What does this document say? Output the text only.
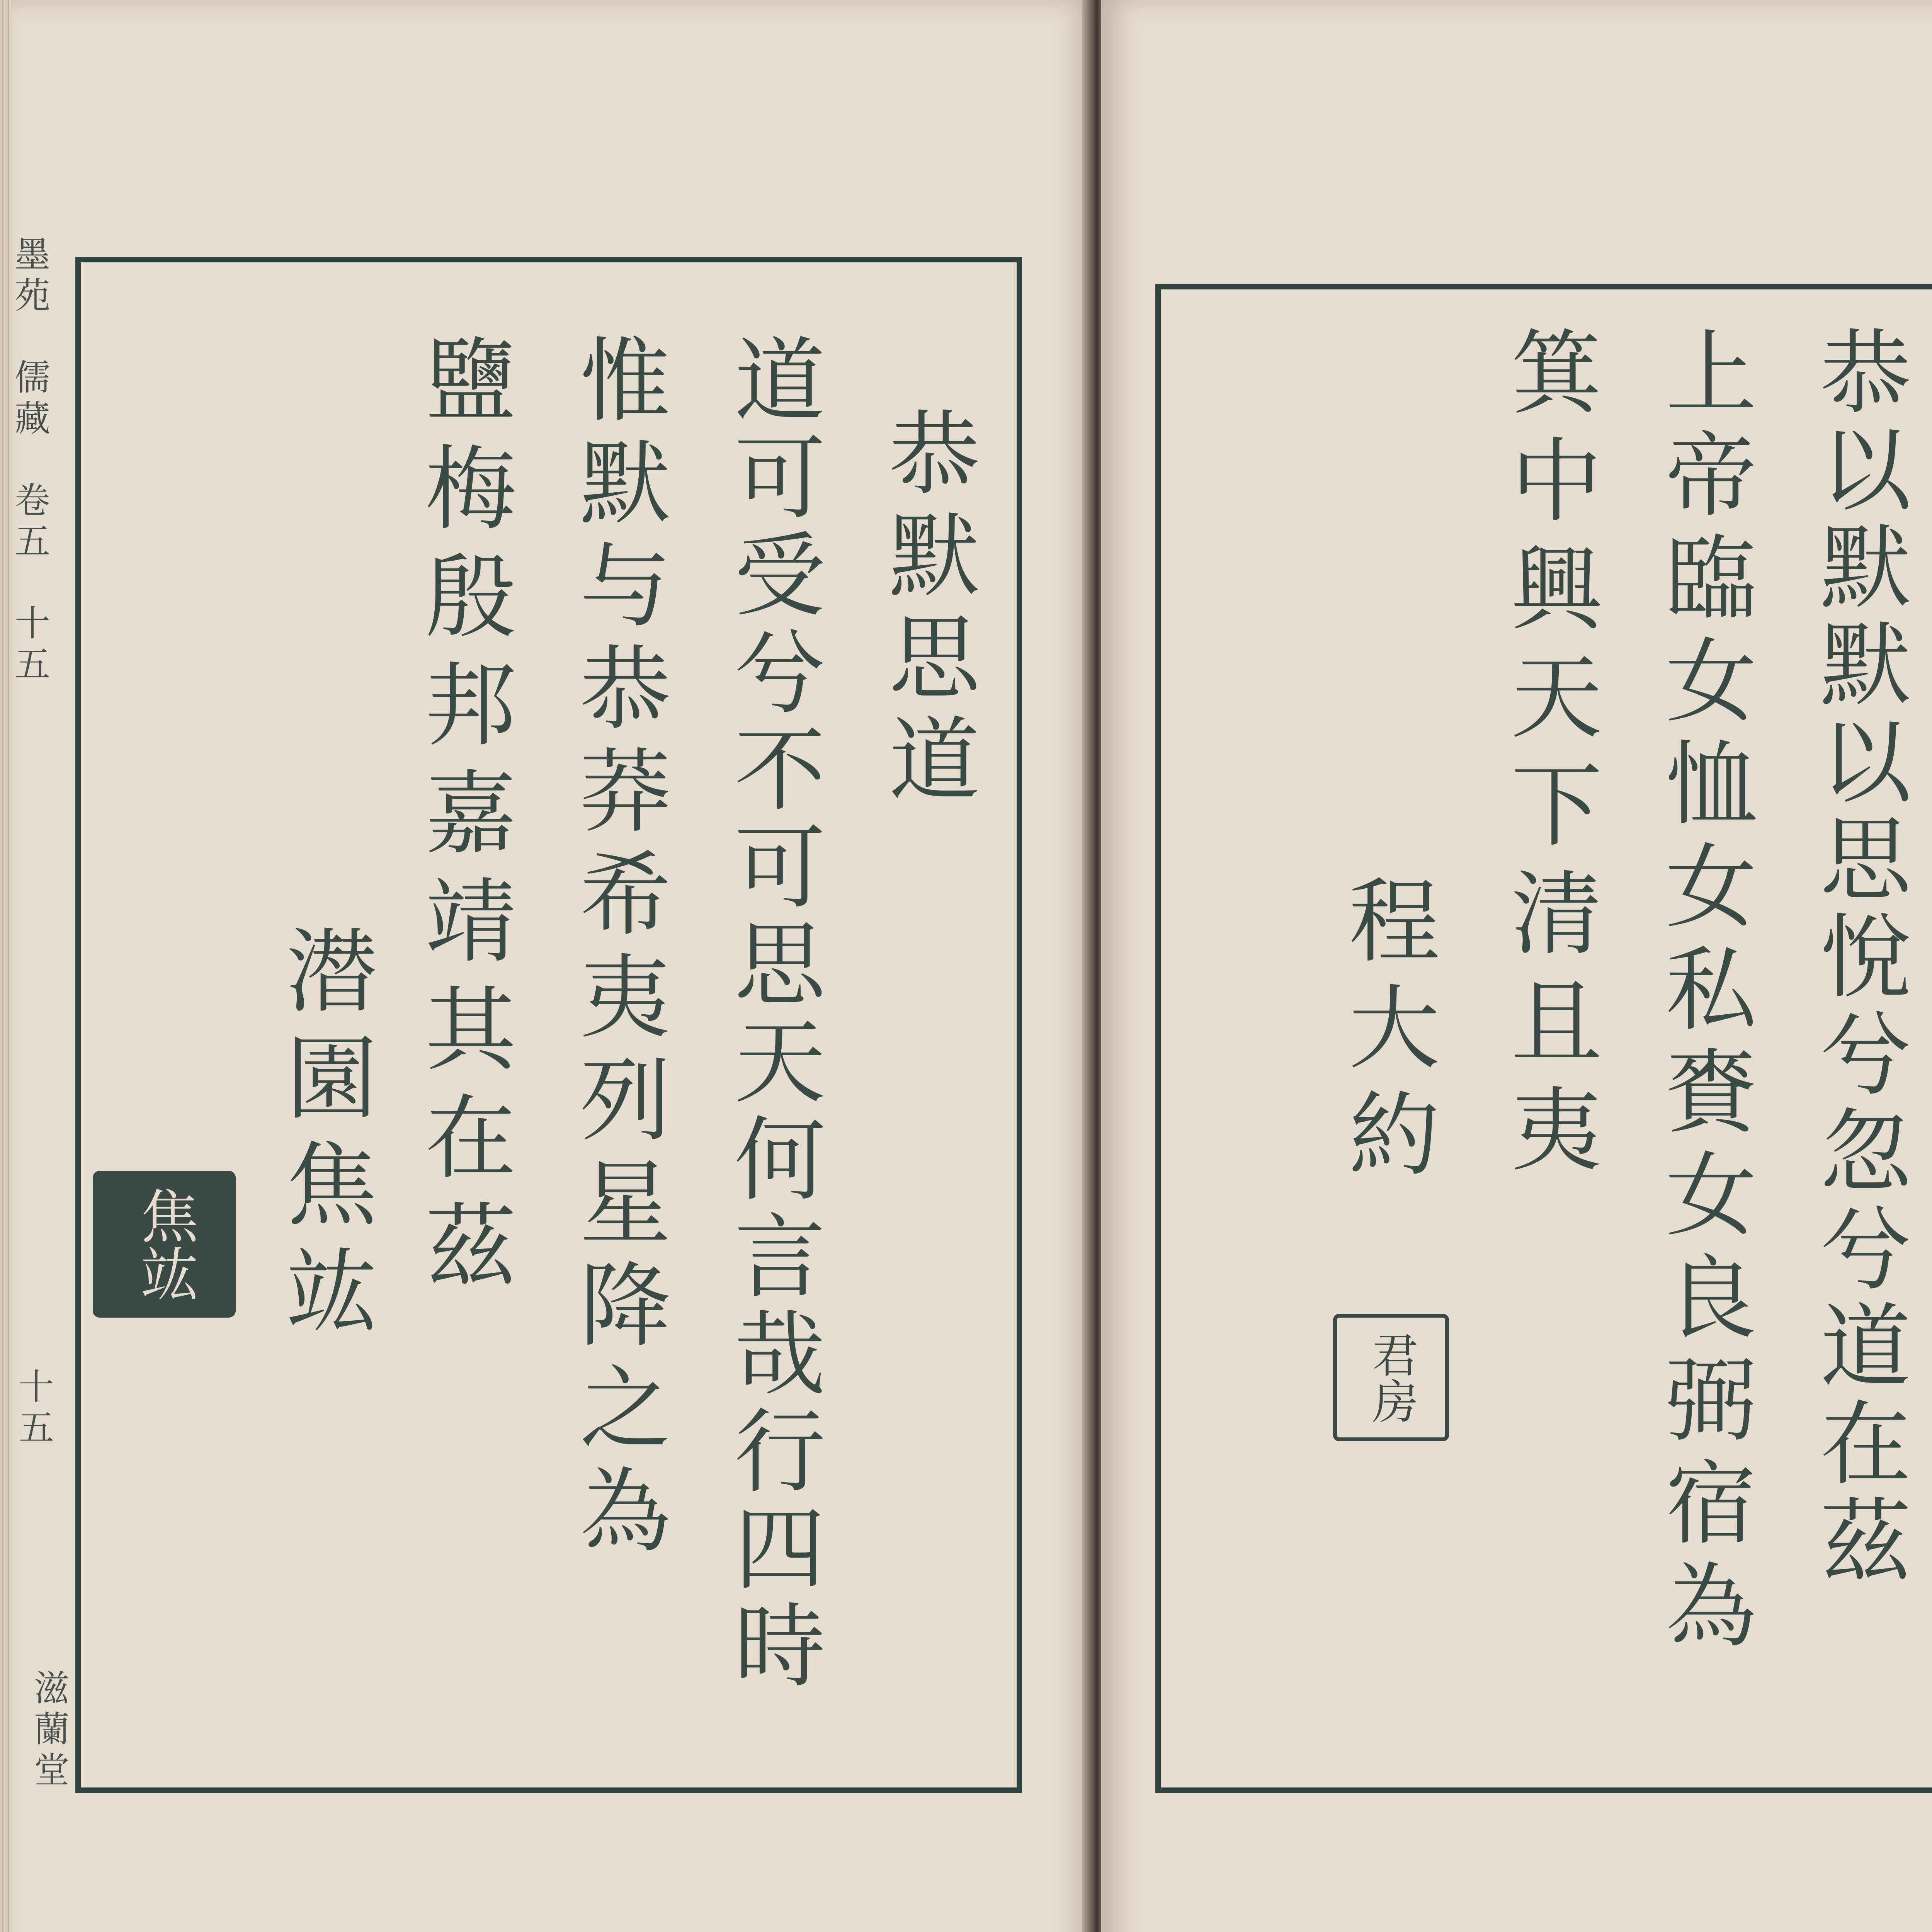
墨苑　儒藏　卷五　十五
十五
滋蘭堂
恭默思道
道可受兮不可思天何言哉行四時
惟默与恭莽希夷列星降之為
鹽梅殷邦嘉靖其在茲
潜園焦竑
焦竑	恭以默默以思悅兮忽兮道在茲
上帝臨女恤女私賚女良弼宿為
箕中興天下清且夷
程大約
君房
